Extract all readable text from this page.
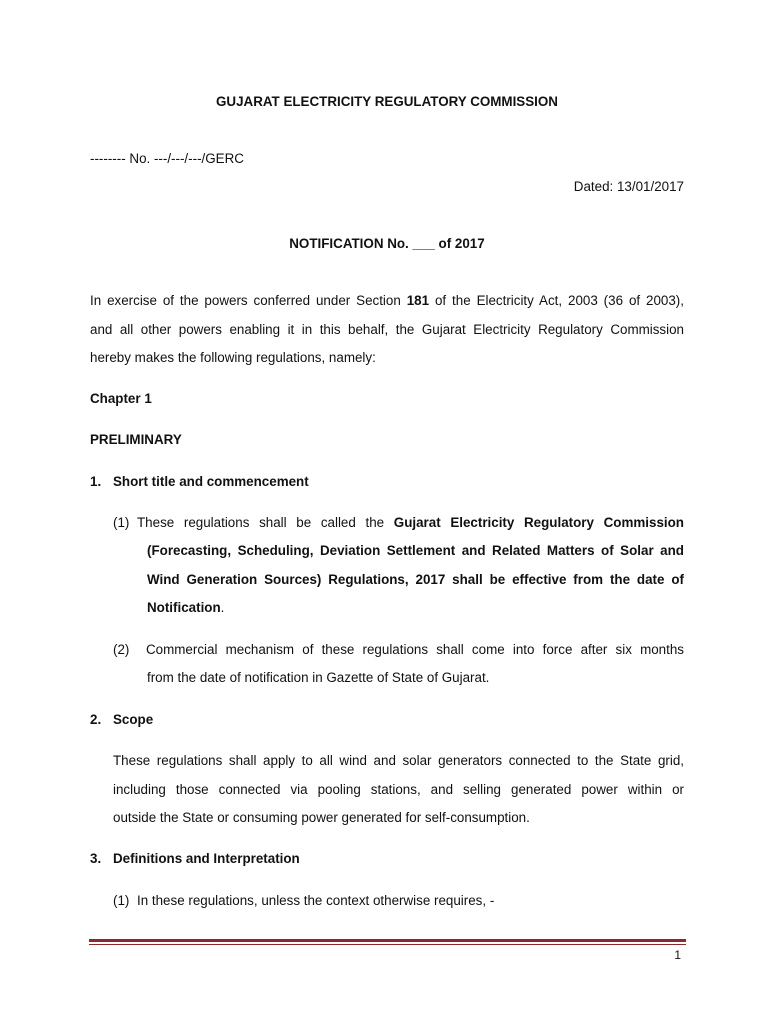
GUJARAT ELECTRICITY REGULATORY COMMISSION

-------- No. ---/---/---/GERC

Dated: 13/01/2017

NOTIFICATION No. ___ of 2017

In exercise of the powers conferred under Section 181 of the Electricity Act, 2003 (36 of 2003),

and all other powers enabling it in this behalf, the Gujarat Electricity Regulatory Commission

hereby makes the following regulations, namely:

Chapter 1

PRELIMINARY

1. Short title and commencement

(1) These regulations shall be called the Gujarat Electricity Regulatory Commission

(Forecasting, Scheduling, Deviation Settlement and Related Matters of Solar and

Wind Generation Sources) Regulations, 2017 shall be effective from the date of

Notification.

(2) Commercial mechanism of these regulations shall come into force after six months

from the date of notification in Gazette of State of Gujarat.

2. Scope

These regulations shall apply to all wind and solar generators connected to the State grid,

including those connected via pooling stations, and selling generated power within or

outside the State or consuming power generated for self-consumption.

3. Definitions and Interpretation

(1) In these regulations, unless the context otherwise requires, -

1
